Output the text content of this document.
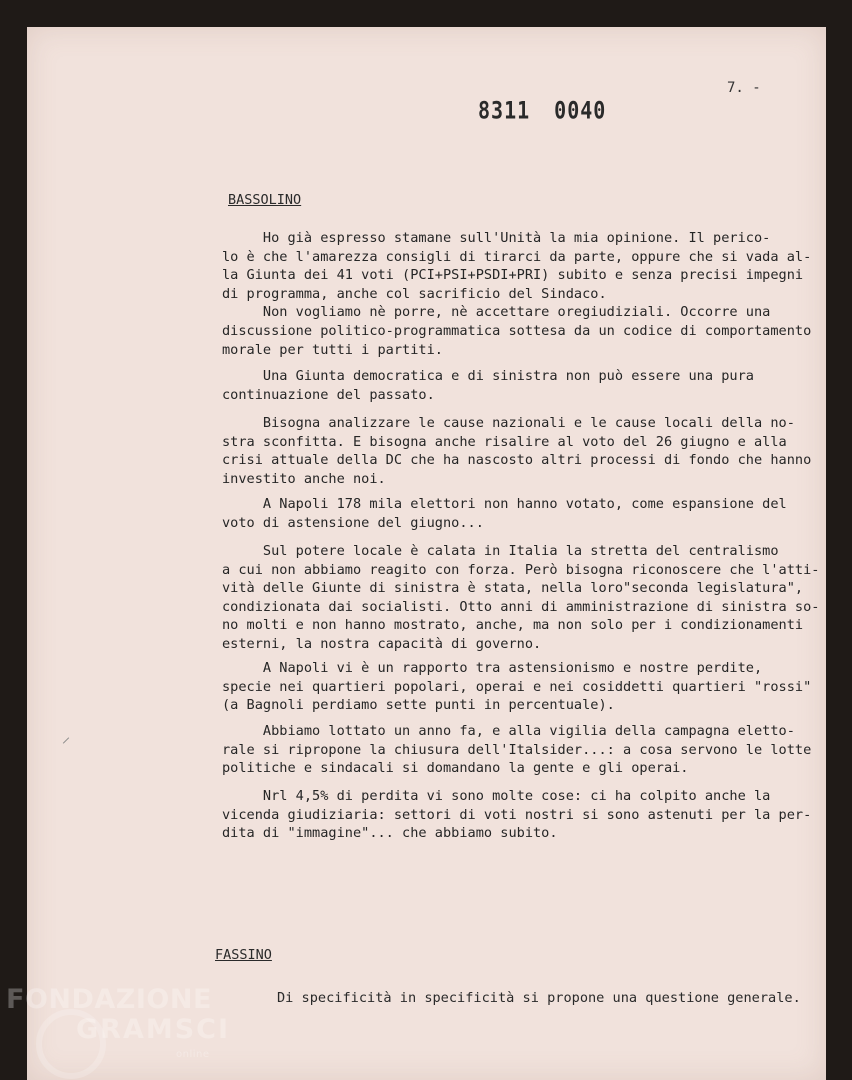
7. -
8311 0040
BASSOLINO
Ho già espresso stamane sull'Unità la mia opinione. Il perico-
lo è che l'amarezza consigli di tirarci da parte, oppure che si vada al-
la Giunta dei 41 voti (PCI+PSI+PSDI+PRI) subito e senza precisi impegni
di programma, anche col sacrificio del Sindaco.
Non vogliamo nè porre, nè accettare oregiudiziali. Occorre una
discussione politico-programmatica sottesa da un codice di comportamento
morale per tutti i partiti.
Una Giunta democratica e di sinistra non può essere una pura
continuazione del passato.
Bisogna analizzare le cause nazionali e le cause locali della no-
stra sconfitta. E bisogna anche risalire al voto del 26 giugno e alla
crisi attuale della DC che ha nascosto altri processi di fondo che hanno
investito anche noi.
A Napoli 178 mila elettori non hanno votato, come espansione del
voto di astensione del giugno...
Sul potere locale è calata in Italia la stretta del centralismo
a cui non abbiamo reagito con forza. Però bisogna riconoscere che l'atti-
vità delle Giunte di sinistra è stata, nella loro"seconda legislatura",
condizionata dai socialisti. Otto anni di amministrazione di sinistra
no molti e non hanno mostrato, anche, ma non solo per i condizionamenti
esterni, la nostra capacità di governo.
A Napoli vi è un rapporto tra astensionismo e nostre perdite,
specie nei quartieri popolari, operai e nei cosiddetti quartieri "rossi"
(a Bagnoli perdiamo sette punti in percentuale).
Abbiamo lottato un anno fa, e alla vigilia della campagna eletto-
rale si ripropone la chiusura dell'Italsider...: a cosa servono le lotte
politiche e sindacali si domandano la gente e gli operai.
Nrl 4,5% di perdita vi sono molte cose: ci ha colpito anche la
vicenda giudiziaria: settori di voti nostri si sono astenuti per la per-
dita di "immagine"... che abbiamo subito.
FASSINO
Di specificità in specificità si propone una questione generale.
FONDAZIONE
GRAMSCI
online
